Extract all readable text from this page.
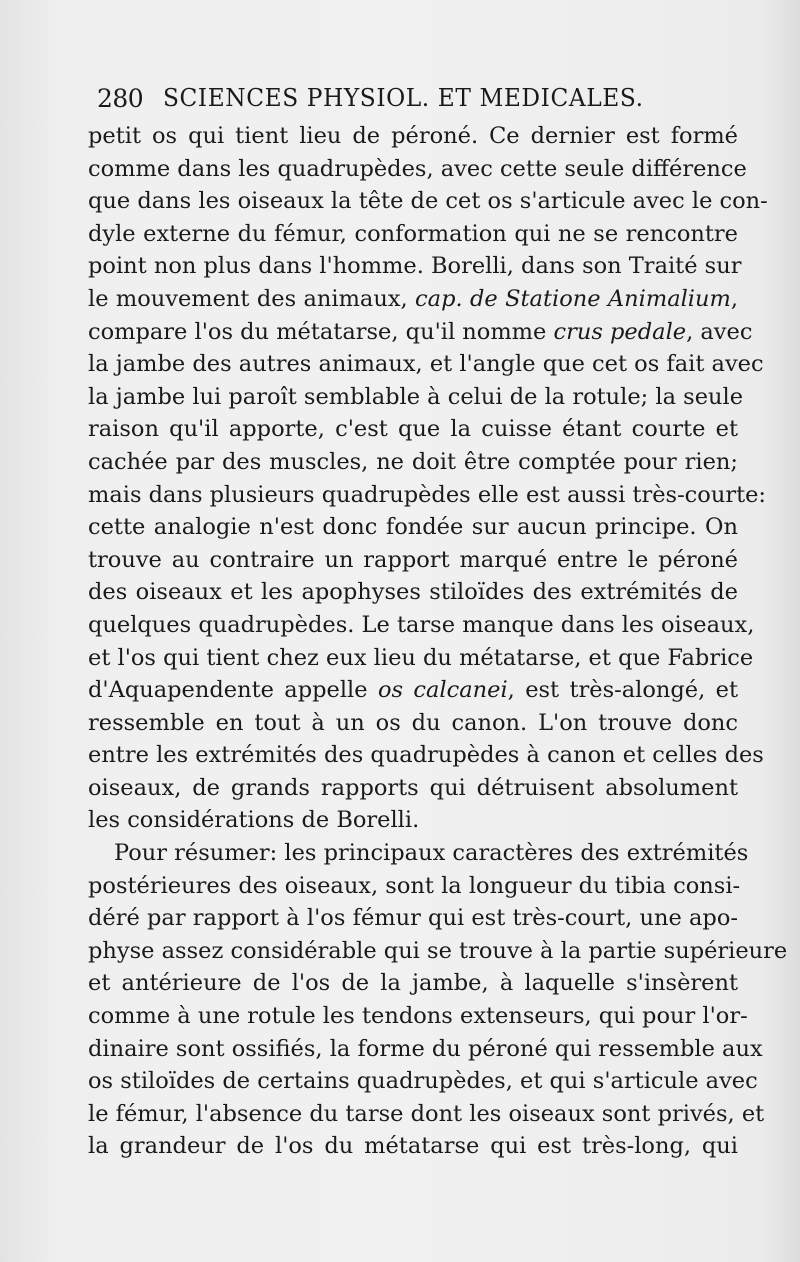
280 SCIENCES PHYSIOL. ET MEDICALES.
petit os qui tient lieu de péroné. Ce dernier est formé
comme dans les quadrupèdes, avec cette seule différence
que dans les oiseaux la tête de cet os s'articule avec le con-
dyle externe du fémur, conformation qui ne se rencontre
point non plus dans l'homme. Borelli, dans son Traité sur
le mouvement des animaux, cap. de Statione Animalium,
compare l'os du métatarse, qu'il nomme crus pedale, avec
la jambe des autres animaux, et l'angle que cet os fait avec
la jambe lui paroît semblable à celui de la rotule; la seule
raison qu'il apporte, c'est que la cuisse étant courte et
cachée par des muscles, ne doit être comptée pour rien;
mais dans plusieurs quadrupèdes elle est aussi très-courte:
cette analogie n'est donc fondée sur aucun principe. On
trouve au contraire un rapport marqué entre le péroné
des oiseaux et les apophyses stiloïdes des extrémités de
quelques quadrupèdes. Le tarse manque dans les oiseaux,
et l'os qui tient chez eux lieu du métatarse, et que Fabrice
d'Aquapendente appelle os calcanei, est très-alongé, et
ressemble en tout à un os du canon. L'on trouve donc
entre les extrémités des quadrupèdes à canon et celles des
oiseaux, de grands rapports qui détruisent absolument
les considérations de Borelli.
Pour résumer: les principaux caractères des extrémités
postérieures des oiseaux, sont la longueur du tibia consi-
déré par rapport à l'os fémur qui est très-court, une apo-
physe assez considérable qui se trouve à la partie supérieure
et antérieure de l'os de la jambe, à laquelle s'insèrent
comme à une rotule les tendons extenseurs, qui pour l'or-
dinaire sont ossifiés, la forme du péroné qui ressemble aux
os stiloïdes de certains quadrupèdes, et qui s'articule avec
le fémur, l'absence du tarse dont les oiseaux sont privés, et
la grandeur de l'os du métatarse qui est très-long, qui
